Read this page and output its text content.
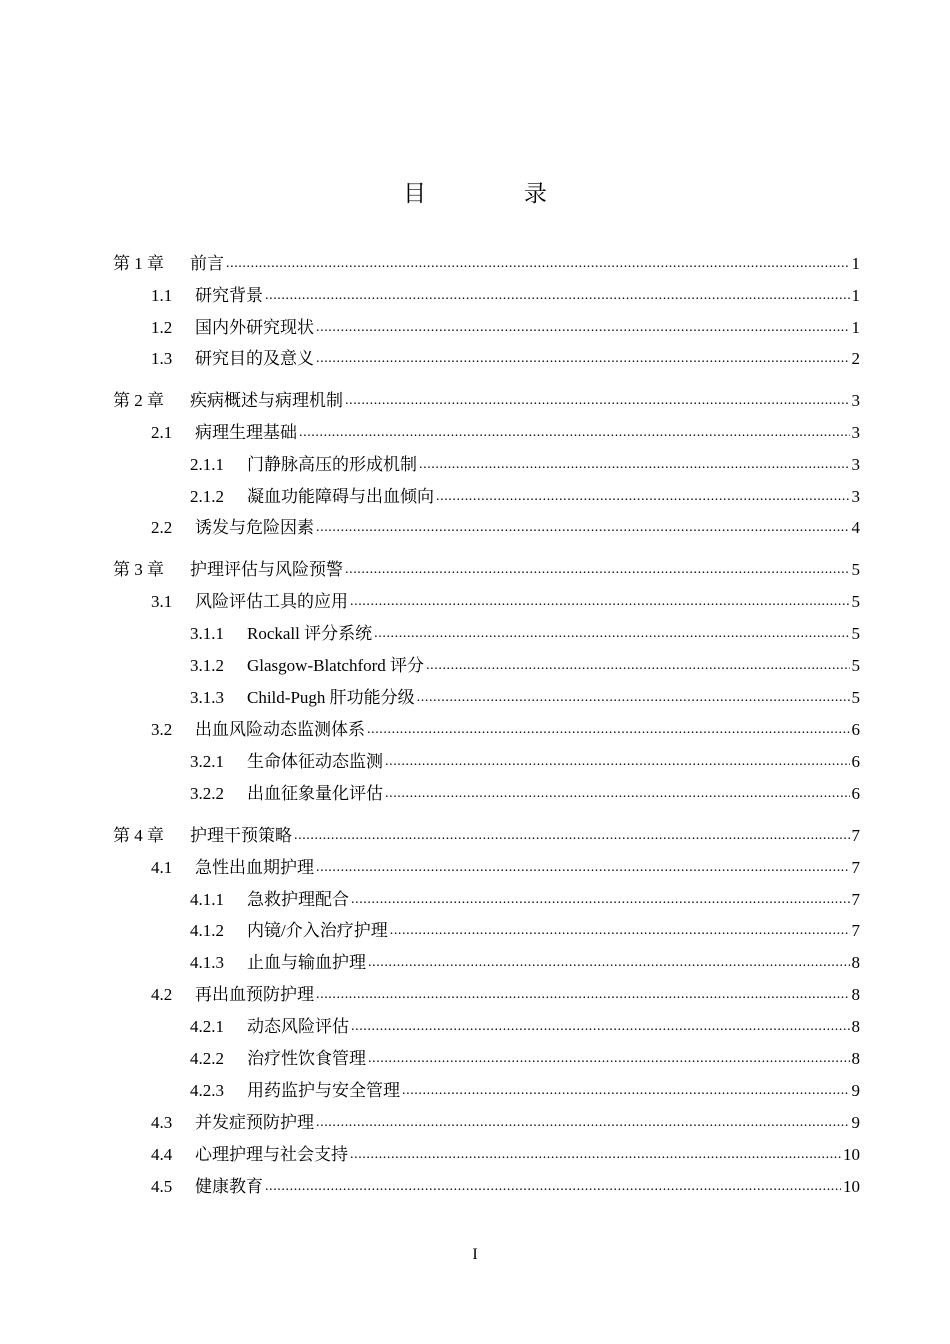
目 录
第 1 章	前言 .....	1
1.1	研究背景 .....	1
1.2	国内外研究现状 .....	1
1.3	研究目的及意义 .....	2
第 2 章	疾病概述与病理机制 .....	3
2.1	病理生理基础 .....	3
2.1.1	门静脉高压的形成机制 .....	3
2.1.2	凝血功能障碍与出血倾向 .....	3
2.2	诱发与危险因素 .....	4
第 3 章	护理评估与风险预警 .....	5
3.1	风险评估工具的应用 .....	5
3.1.1	Rockall 评分系统 .....	5
3.1.2	Glasgow-Blatchford 评分 .....	5
3.1.3	Child-Pugh 肝功能分级 .....	5
3.2	出血风险动态监测体系 .....	6
3.2.1	生命体征动态监测 .....	6
3.2.2	出血征象量化评估 .....	6
第 4 章	护理干预策略 .....	7
4.1	急性出血期护理 .....	7
4.1.1	急救护理配合 .....	7
4.1.2	内镜/介入治疗护理 .....	7
4.1.3	止血与输血护理 .....	8
4.2	再出血预防护理 .....	8
4.2.1	动态风险评估 .....	8
4.2.2	治疗性饮食管理 .....	8
4.2.3	用药监护与安全管理 .....	9
4.3	并发症预防护理 .....	9
4.4	心理护理与社会支持 .....	10
4.5	健康教育 .....	10
I
